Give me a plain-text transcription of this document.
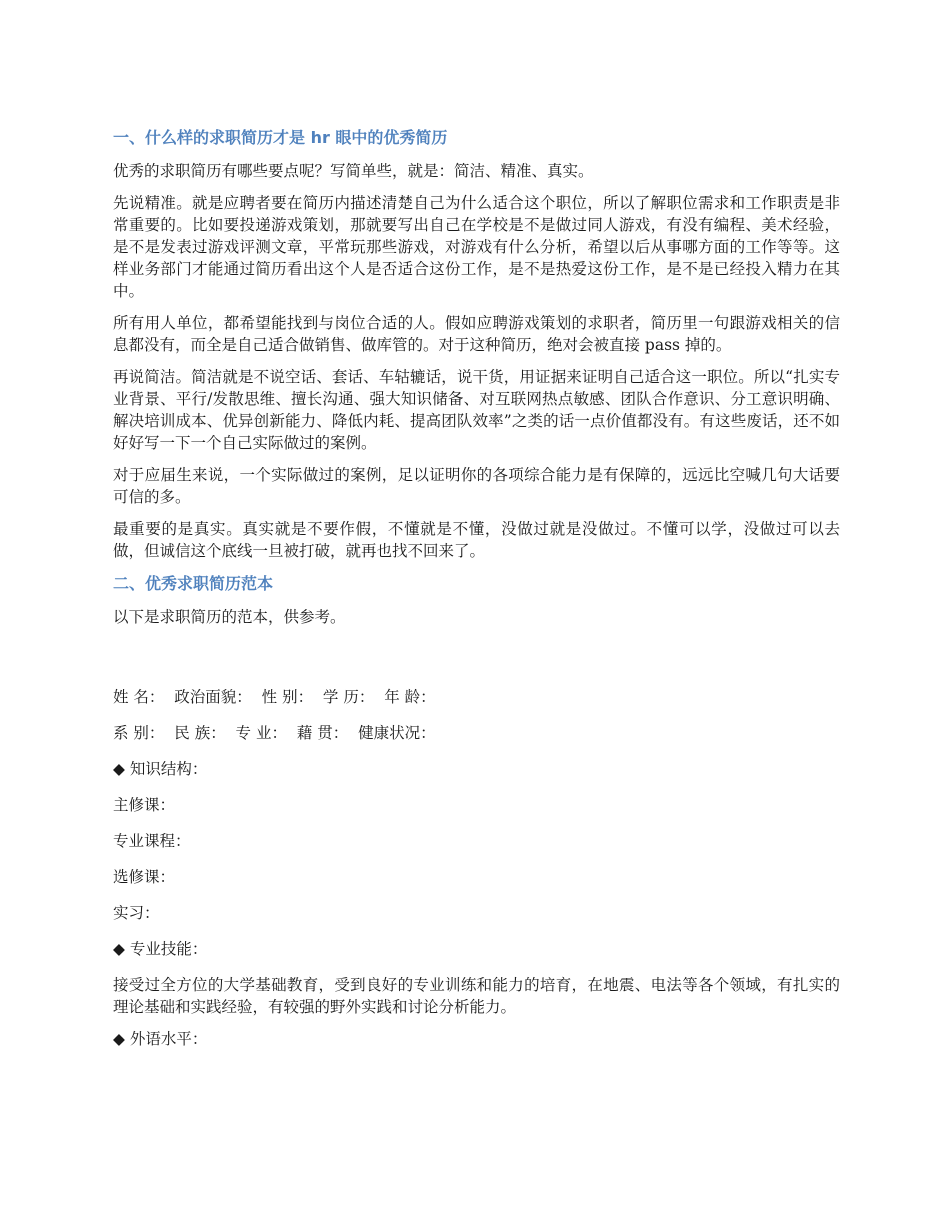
一、什么样的求职简历才是 hr 眼中的优秀简历

优秀的求职简历有哪些要点呢？写简单些，就是：简洁、精准、真实。

先说精准。就是应聘者要在简历内描述清楚自己为什么适合这个职位，所以了解职位需求和工作职责是非常重要的。比如要投递游戏策划，那就要写出自己在学校是不是做过同人游戏，有没有编程、美术经验，是不是发表过游戏评测文章，平常玩那些游戏，对游戏有什么分析，希望以后从事哪方面的工作等等。这样业务部门才能通过简历看出这个人是否适合这份工作，是不是热爱这份工作，是不是已经投入精力在其中。

所有用人单位，都希望能找到与岗位合适的人。假如应聘游戏策划的求职者，简历里一句跟游戏相关的信息都没有，而全是自己适合做销售、做库管的。对于这种简历，绝对会被直接 pass 掉的。

再说简洁。简洁就是不说空话、套话、车轱辘话，说干货，用证据来证明自己适合这一职位。所以“扎实专业背景、平行/发散思维、擅长沟通、强大知识储备、对互联网热点敏感、团队合作意识、分工意识明确、解决培训成本、优异创新能力、降低内耗、提高团队效率”之类的话一点价值都没有。有这些废话，还不如好好写一下一个自己实际做过的案例。

对于应届生来说，一个实际做过的案例，足以证明你的各项综合能力是有保障的，远远比空喊几句大话要可信的多。

最重要的是真实。真实就是不要作假，不懂就是不懂，没做过就是没做过。不懂可以学，没做过可以去做，但诚信这个底线一旦被打破，就再也找不回来了。

二、优秀求职简历范本

以下是求职简历的范本，供参考。

姓 名：  政治面貌：  性 别：  学 历：  年 龄：
系 别：  民 族：  专 业：  藉 贯：  健康状况：
◆ 知识结构：
主修课：
专业课程：
选修课：
实习：
◆ 专业技能：

接受过全方位的大学基础教育，受到良好的专业训练和能力的培育，在地震、电法等各个领域，有扎实的理论基础和实践经验，有较强的野外实践和讨论分析能力。

◆ 外语水平：
